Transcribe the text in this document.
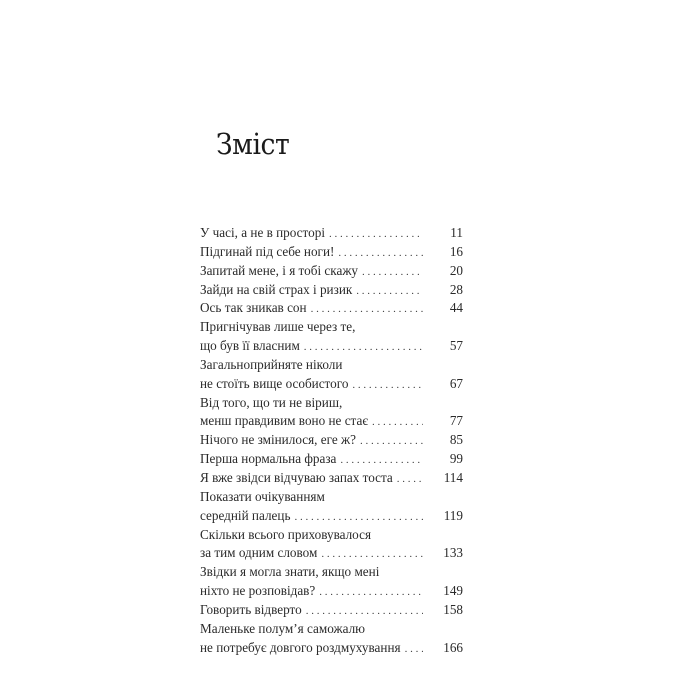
Зміст
У часі, а не в просторі . . .	11
Підгинай під себе ноги! . . .	16
Запитай мене, і я тобі скажу . . .	20
Зайди на свій страх і ризик . . .	28
Ось так зникав сон . . .	44
Пригнічував лише через те,
що був її власним . . .	57
Загальноприйняте ніколи
не стоїть вище особистого . . .	67
Від того, що ти не віриш,
менш правдивим воно не стає . . .	77
Нічого не змінилося, еге ж? . . .	85
Перша нормальна фраза . . .	99
Я вже звідси відчуваю запах тоста . . .	114
Показати очікуванням
середній палець . . .	119
Скільки всього приховувалося
за тим одним словом . . .	133
Звідки я могла знати, якщо мені
ніхто не розповідав? . . .	149
Говорить відверто . . .	158
Маленьке полум’я саможалю
не потребує довгого роздмухування . . .	166
